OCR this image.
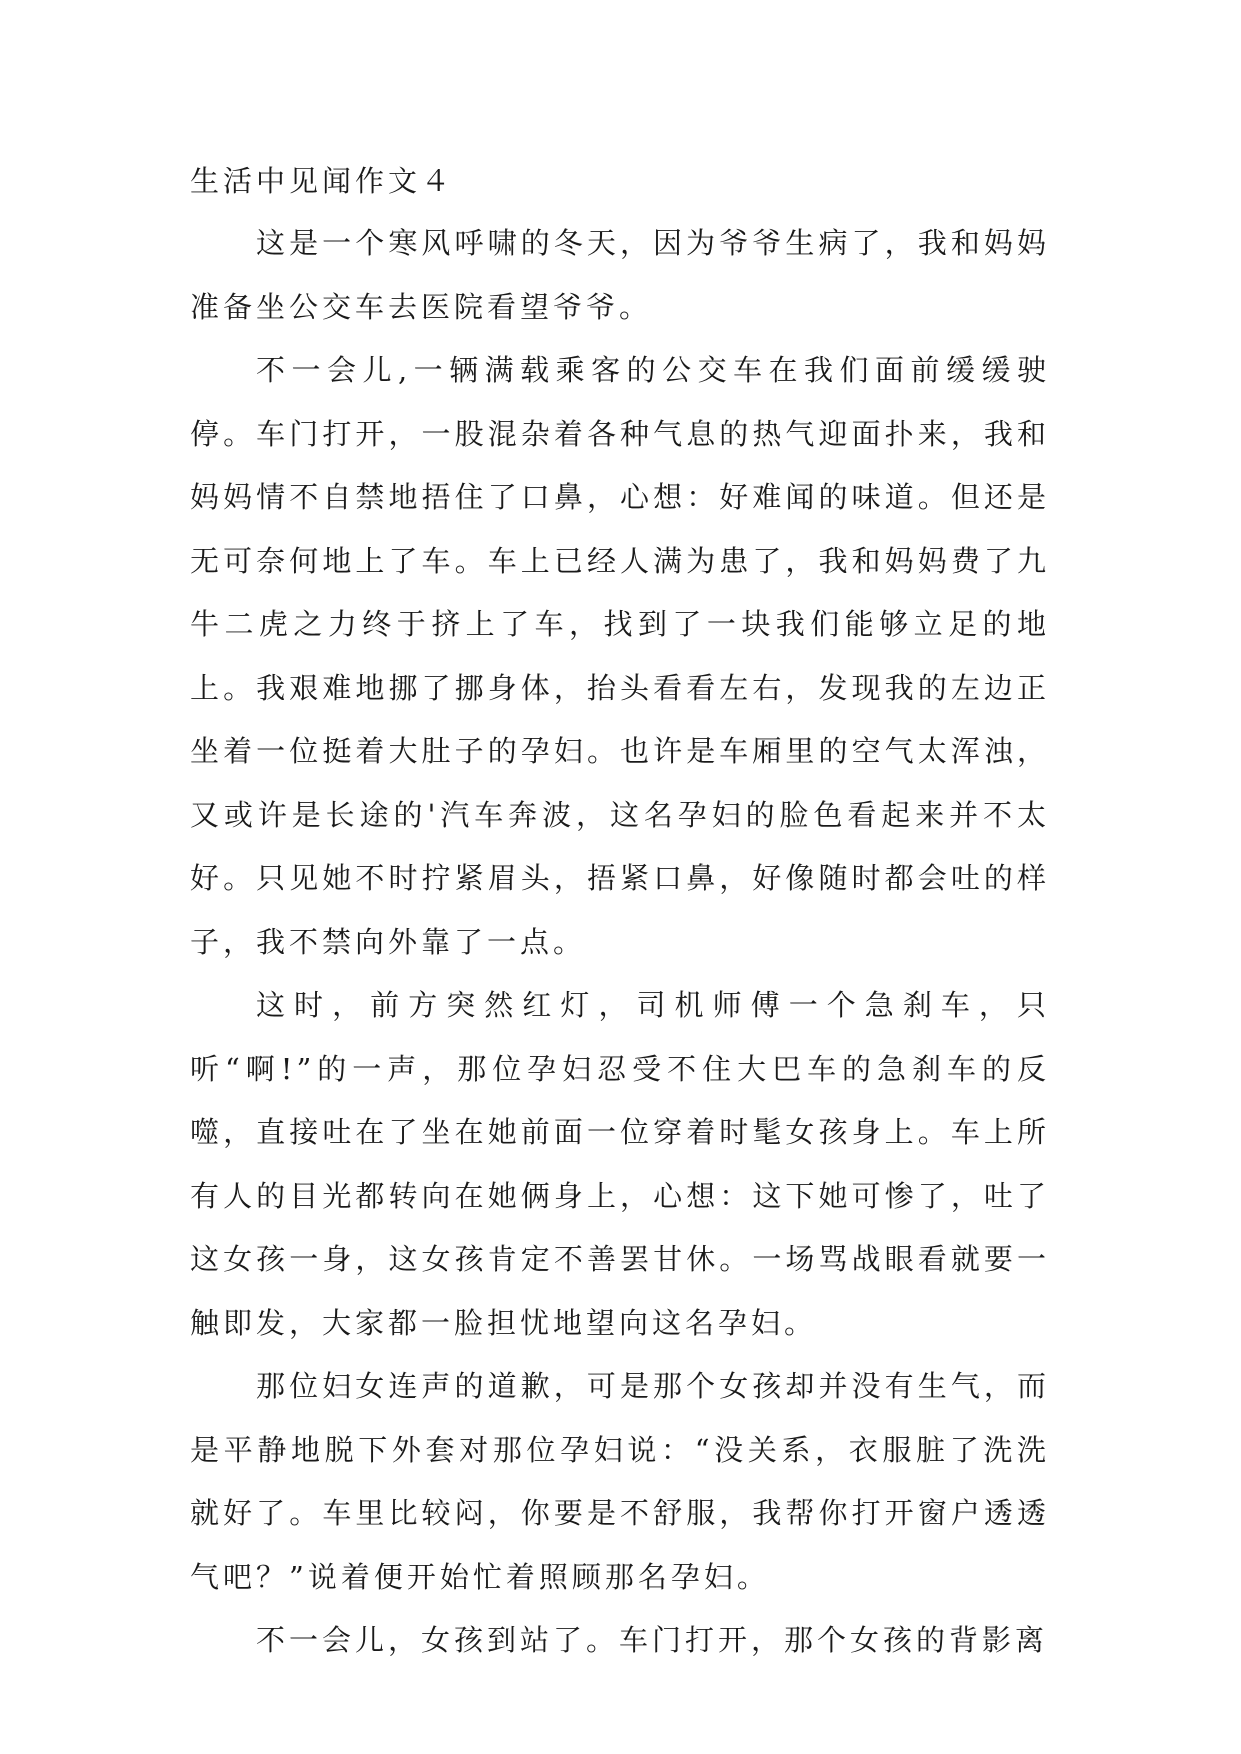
生活中见闻作文４

这是一个寒风呼啸的冬天，因为爷爷生病了，我和妈妈准备坐公交车去医院看望爷爷。

不一会儿,一辆满载乘客的公交车在我们面前缓缓驶停。车门打开，一股混杂着各种气息的热气迎面扑来，我和妈妈情不自禁地捂住了口鼻，心想：好难闻的味道。但还是无可奈何地上了车。车上已经人满为患了，我和妈妈费了九牛二虎之力终于挤上了车，找到了一块我们能够立足的地上。我艰难地挪了挪身体，抬头看看左右，发现我的左边正坐着一位挺着大肚子的孕妇。也许是车厢里的空气太浑浊，又或许是长途的'汽车奔波，这名孕妇的脸色看起来并不太好。只见她不时拧紧眉头，捂紧口鼻，好像随时都会吐的样子，我不禁向外靠了一点。

这时，前方突然红灯，司机师傅一个急刹车，只听“啊!”的一声，那位孕妇忍受不住大巴车的急刹车的反噬，直接吐在了坐在她前面一位穿着时髦女孩身上。车上所有人的目光都转向在她俩身上，心想：这下她可惨了，吐了这女孩一身，这女孩肯定不善罢甘休。一场骂战眼看就要一触即发，大家都一脸担忧地望向这名孕妇。

那位妇女连声的道歉，可是那个女孩却并没有生气，而是平静地脱下外套对那位孕妇说：“没关系，衣服脏了洗洗就好了。车里比较闷，你要是不舒服，我帮你打开窗户透透气吧？”说着便开始忙着照顾那名孕妇。

不一会儿，女孩到站了。车门打开，那个女孩的背影离
